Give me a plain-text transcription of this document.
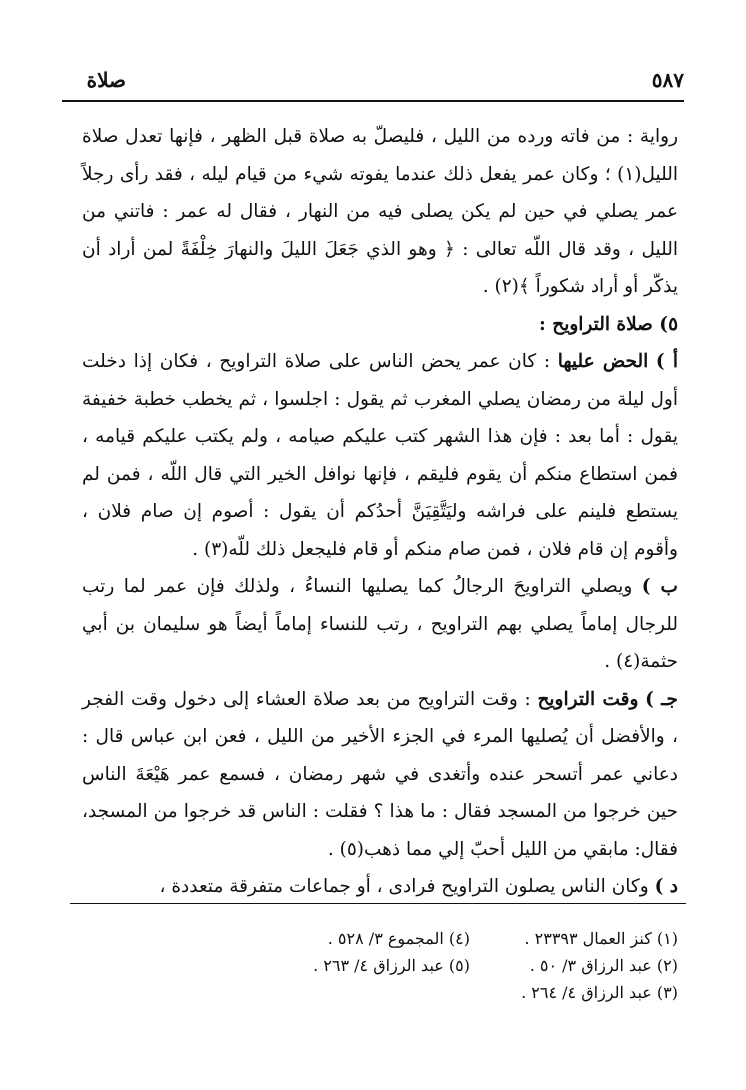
صلاة	٥٨٧

رواية : من فاته ورده من الليل ، فليصلّ به صلاة قبل الظهر ، فإنها تعدل صلاة الليل(١) ؛ وكان عمر يفعل ذلك عندما يفوته شيء من قيام ليله ، فقد رأى رجلاً عمر يصلي في حين لم يكن يصلى فيه من النهار ، فقال له عمر : فاتني من الليل ، وقد قال اللّه تعالى : ﴿ وهو الذي جَعَلَ الليلَ والنهارَ خِلْفَةً لمن أراد أن يذكّر أو أراد شكوراً ﴾(٢) .

٥) صلاة التراويح :

أ ) الحض عليها : كان عمر يحض الناس على صلاة التراويح ، فكان إذا دخلت أول ليلة من رمضان يصلي المغرب ثم يقول : اجلسوا ، ثم يخطب خطبة خفيفة يقول : أما بعد : فإن هذا الشهر كتب عليكم صيامه ، ولم يكتب عليكم قيامه ، فمن استطاع منكم أن يقوم فليقم ، فإنها نوافل الخير التي قال اللّه ، فمن لم يستطع فلينم على فراشه وليَتَّقِيَنَّ أحدُكم أن يقول : أصوم إن صام فلان ، وأقوم إن قام فلان ، فمن صام منكم أو قام فليجعل ذلك للّه(٣) .

ب ) ويصلي التراويحَ الرجالُ كما يصليها النساءُ ، ولذلك فإن عمر لما رتب للرجال إماماً يصلي بهم التراويح ، رتب للنساء إماماً أيضاً هو سليمان بن أبي حثمة(٤) .

جـ ) وقت التراويح : وقت التراويح من بعد صلاة العشاء إلى دخول وقت الفجر ، والأفضل أن يُصليها المرء في الجزء الأخير من الليل ، فعن ابن عباس قال : دعاني عمر أتسحر عنده وأتغدى في شهر رمضان ، فسمع عمر هَيْعَةَ الناس حين خرجوا من المسجد فقال : ما هذا ؟ فقلت : الناس قد خرجوا من المسجد، فقال: مابقي من الليل أحبّ إلي مما ذهب(٥) .

د ) وكان الناس يصلون التراويح فرادى ، أو جماعات متفرقة متعددة ،

(١) كنز العمال ٢٣٣٩٣ .
(٢) عبد الرزاق ٣/ ٥٠ .
(٣) عبد الرزاق ٤/ ٢٦٤ .
(٤) المجموع ٣/ ٥٢٨ .
(٥) عبد الرزاق ٤/ ٢٦٣ .
